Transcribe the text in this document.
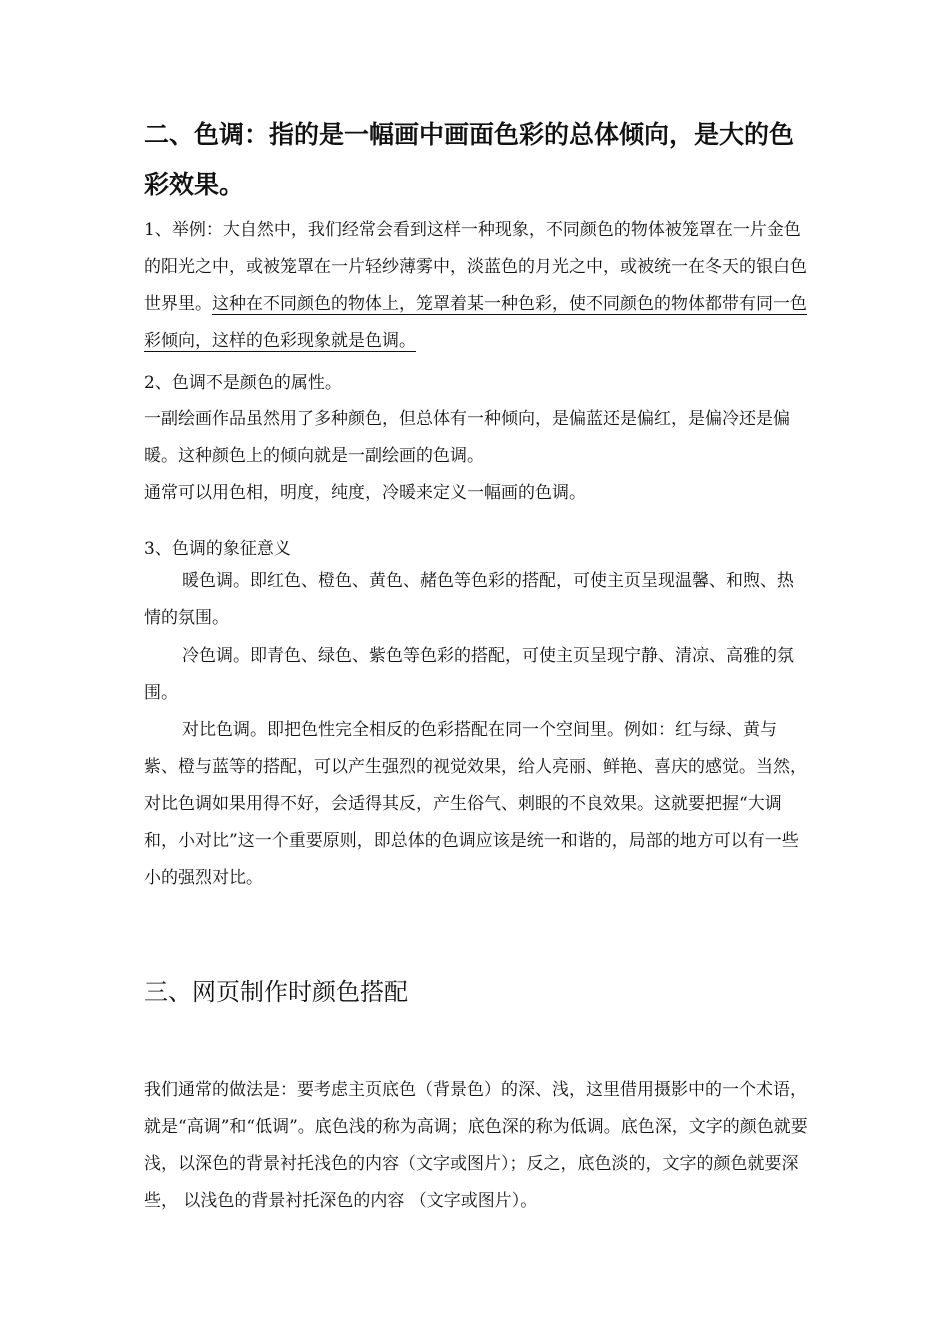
二、色调：指的是一幅画中画面色彩的总体倾向，是大的色彩效果。

1、举例：大自然中，我们经常会看到这样一种现象，不同颜色的物体被笼罩在一片金色的阳光之中，或被笼罩在一片轻纱薄雾中，淡蓝色的月光之中，或被统一在冬天的银白色世界里。这种在不同颜色的物体上，笼罩着某一种色彩，使不同颜色的物体都带有同一色彩倾向，这样的色彩现象就是色调。

2、色调不是颜色的属性。

一副绘画作品虽然用了多种颜色，但总体有一种倾向，是偏蓝还是偏红，是偏冷还是偏暖。这种颜色上的倾向就是一副绘画的色调。

通常可以用色相，明度，纯度，冷暖来定义一幅画的色调。

3、色调的象征意义

暖色调。即红色、橙色、黄色、赭色等色彩的搭配，可使主页呈现温馨、和煦、热情的氛围。

冷色调。即青色、绿色、紫色等色彩的搭配，可使主页呈现宁静、清凉、高雅的氛围。

对比色调。即把色性完全相反的色彩搭配在同一个空间里。例如：红与绿、黄与紫、橙与蓝等的搭配，可以产生强烈的视觉效果，给人亮丽、鲜艳、喜庆的感觉。当然，对比色调如果用得不好，会适得其反，产生俗气、刺眼的不良效果。这就要把握“大调和，小对比”这一个重要原则，即总体的色调应该是统一和谐的，局部的地方可以有一些小的强烈对比。

三、网页制作时颜色搭配

我们通常的做法是：要考虑主页底色（背景色）的深、浅，这里借用摄影中的一个术语，就是“高调”和“低调”。底色浅的称为高调；底色深的称为低调。底色深，文字的颜色就要浅，以深色的背景衬托浅色的内容（文字或图片）；反之，底色淡的，文字的颜色就要深些， 以浅色的背景衬托深色的内容 （文字或图片）。
